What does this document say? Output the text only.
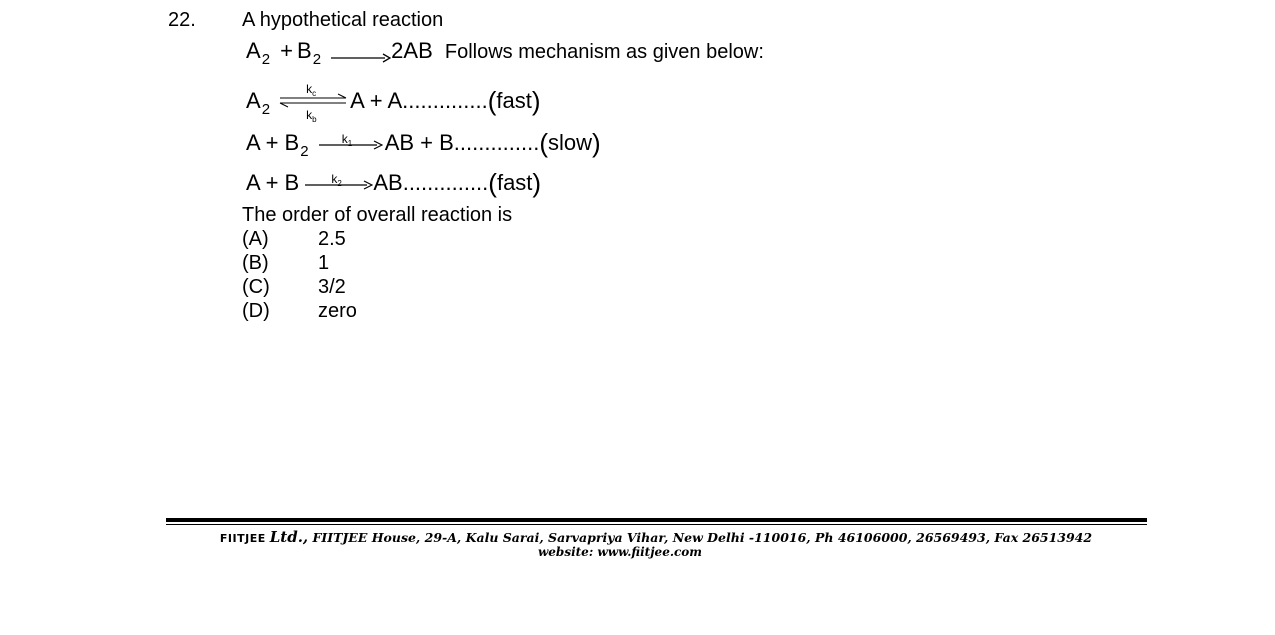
22. A hypothetical reaction
$A_2 + B_2 \to 2AB$ Follows mechanism as given below:
$A_2$
$k_c$
$k_b$
A + A..............(fast)
$A + B_2$
$k_1$ AB + B..............(slow)
A + B	$k_2$ AB..............(fast)
The order of overall reaction is
(A) 2.5
(B) 1
(C) 3/2
(D) zero
FIITJEE Ltd., FIITJEE House, 29-A, Kalu Sarai, Sarvapriya Vihar, New Delhi -110016, Ph 46106000, 26569493, Fax 26513942
website: www.fiitjee.com
